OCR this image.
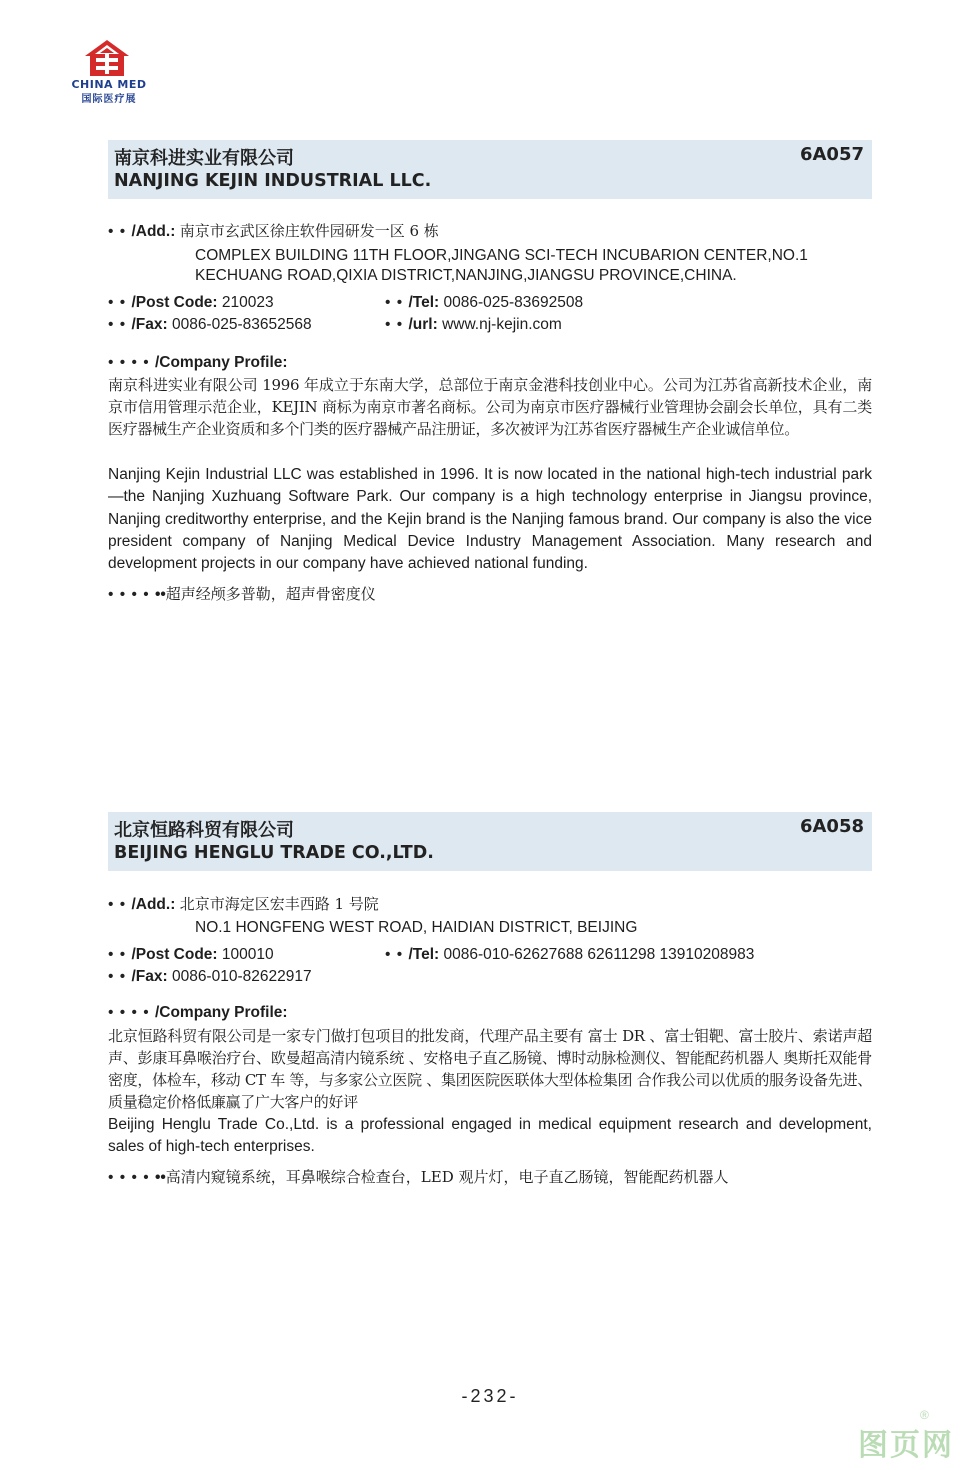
CHINA MED
国际医疗展
南京科进实业有限公司
NANJING KEJIN INDUSTRIAL LLC.
6A057
• • /Add.: 南京市玄武区徐庄软件园研发一区 6 栋
COMPLEX BUILDING 11TH FLOOR,JINGANG SCI-TECH INCUBARION CENTER,NO.1
KECHUANG ROAD,QIXIA DISTRICT,NANJING,JIANGSU PROVINCE,CHINA.
• • /Post Code: 210023	• • /Tel: 0086-025-83692508
• • /Fax: 0086-025-83652568	• • /url: www.nj-kejin.com
• • • • /Company Profile:
南京科进实业有限公司 1996 年成立于东南大学，总部位于南京金港科技创业中心。公司为江苏省高新技术企业，南京市信用管理示范企业，KEJIN 商标为南京市著名商标。公司为南京市医疗器械行业管理协会副会长单位，具有二类医疗器械生产企业资质和多个门类的医疗器械产品注册证，多次被评为江苏省医疗器械生产企业诚信单位。
Nanjing Kejin Industrial LLC was established in 1996. It is now located in the national high-tech industrial park—the Nanjing Xuzhuang Software Park. Our company is a high technology enterprise in Jiangsu province, Nanjing creditworthy enterprise, and the Kejin brand is the Nanjing famous brand. Our company is also the vice president company of Nanjing Medical Device Industry Management Association. Many research and development projects in our company have achieved national funding.
• • • • ••超声经颅多普勒，超声骨密度仪
北京恒路科贸有限公司
BEIJING HENGLU TRADE CO.,LTD.
6A058
• • /Add.: 北京市海定区宏丰西路 1 号院
NO.1 HONGFENG WEST ROAD, HAIDIAN DISTRICT, BEIJING
• • /Post Code: 100010	• • /Tel: 0086-010-62627688 62611298 13910208983
• • /Fax: 0086-010-82622917
• • • • /Company Profile:
北京恒路科贸有限公司是一家专门做打包项目的批发商，代理产品主要有 富士 DR 、富士钼靶、富士胶片、索诺声超声、彭康耳鼻喉治疗台、欧曼超高清内镜系统 、安格电子直乙肠镜、博时动脉检测仪、智能配药机器人 奥斯托双能骨密度，体检车，移动 CT 车 等，与多家公立医院 、集团医院医联体大型体检集团 合作我公司以优质的服务设备先进、质量稳定价格低廉赢了广大客户的好评
Beijing Henglu Trade Co.,Ltd. is a professional engaged in medical equipment research and development, sales of high-tech enterprises.
• • • • ••高清内窥镜系统，耳鼻喉综合检查台，LED 观片灯，电子直乙肠镜，智能配药机器人
-232-
图页网
®
